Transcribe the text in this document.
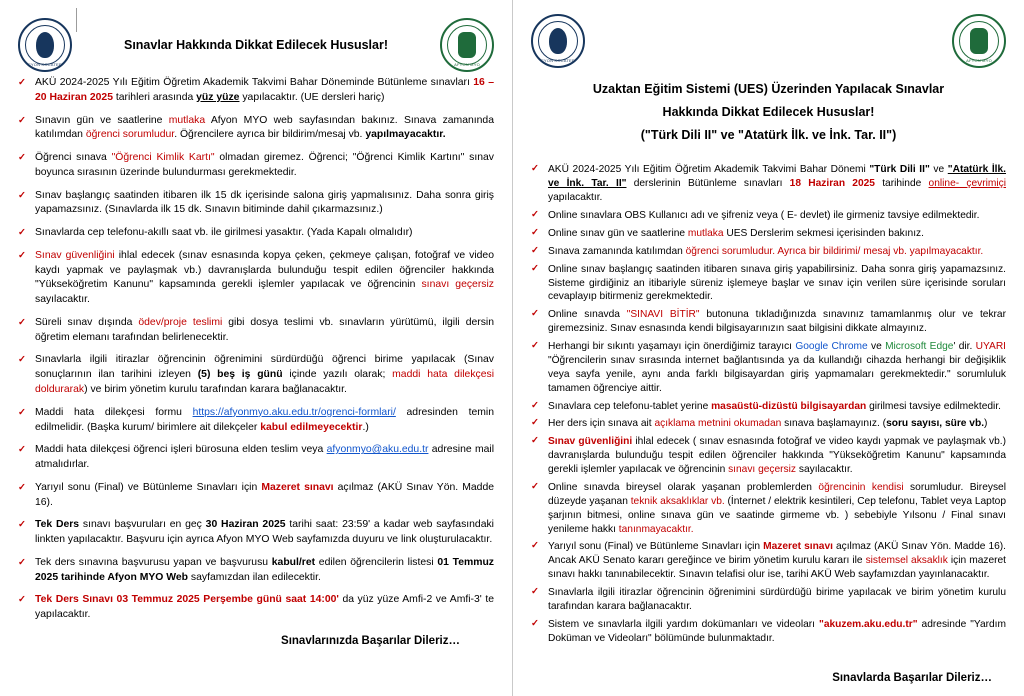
AFYON KOCATEPE
Sınavlar Hakkında Dikkat Edilecek Hususlar!
AFYON MYO
✓ AKÜ 2024-2025 Yılı Eğitim Öğretim Akademik Takvimi Bahar Döneminde Bütünleme sınavları 16 – 20 Haziran 2025 tarihleri arasında yüz yüze yapılacaktır. (UE dersleri hariç)
✓ Sınavın gün ve saatlerine mutlaka Afyon MYO web sayfasından bakınız. Sınava zamanında katılımdan öğrenci sorumludur. Öğrencilere ayrıca bir bildirim/mesaj vb. yapılmayacaktır.
✓ Öğrenci sınava "Öğrenci Kimlik Kartı" olmadan giremez. Öğrenci; "Öğrenci Kimlik Kartını" sınav boyunca sırasının üzerinde bulundurması gerekmektedir.
✓ Sınav başlangıç saatinden itibaren ilk 15 dk içerisinde salona giriş yapmalısınız. Daha sonra giriş yapamazsınız. (Sınavlarda ilk 15 dk. Sınavın bitiminde dahil çıkarmazsınız.)
✓ Sınavlarda cep telefonu-akıllı saat vb. ile girilmesi yasaktır. (Yada Kapalı olmalıdır)
✓ Sınav güvenliğini ihlal edecek (sınav esnasında kopya çeken, çekmeye çalışan, fotoğraf ve video kaydı yapmak ve paylaşmak vb.) davranışlarda bulunduğu tespit edilen öğrenciler hakkında "Yükseköğretim Kanunu" kapsamında gerekli işlemler yapılacak ve öğrencinin sınavı geçersiz sayılacaktır.
✓ Süreli sınav dışında ödev/proje teslimi gibi dosya teslimi vb. sınavların yürütümü, ilgili dersin öğretim elemanı tarafından belirlenecektir.
✓ Sınavlarla ilgili itirazlar öğrencinin öğrenimini sürdürdüğü öğrenci birime yapılacak (Sınav sonuçlarının ilan tarihini izleyen (5) beş iş günü içinde yazılı olarak; maddi hata dilekçesi doldurarak) ve birim yönetim kurulu tarafından karara bağlanacaktır.
✓ Maddi hata dilekçesi formu https://afyonmyo.aku.edu.tr/ogrenci-formlari/ adresinden temin edilmelidir. (Başka kurum/ birimlere ait dilekçeler kabul edilmeyecektir.)
✓ Maddi hata dilekçesi öğrenci işleri bürosuna elden teslim veya afyonmyo@aku.edu.tr adresine mail atmalıdırlar.
✓ Yarıyıl sonu (Final) ve Bütünleme Sınavları için Mazeret sınavı açılmaz (AKÜ Sınav Yön. Madde 16).
✓ Tek Ders sınavı başvuruları en geç 30 Haziran 2025 tarihi saat: 23:59' a kadar web sayfasındaki linkten yapılacaktır. Başvuru için ayrıca Afyon MYO Web sayfamızda duyuru ve link oluşturulacaktır.
✓ Tek ders sınavına başvurusu yapan ve başvurusu kabul/ret edilen öğrencilerin listesi 01 Temmuz 2025 tarihinde Afyon MYO Web sayfamızdan ilan edilecektir.
✓ Tek Ders Sınavı 03 Temmuz 2025 Perşembe günü saat 14:00' da yüz yüze Amfi-2 ve Amfi-3' te yapılacaktır.
Sınavlarınızda Başarılar Dileriz…
AFYON KOCATEPE	AFYON MYO
Uzaktan Eğitim Sistemi (UES) Üzerinden Yapılacak Sınavlar
Hakkında Dikkat Edilecek Hususlar!
("Türk Dili II" ve "Atatürk İlk. ve İnk. Tar. II")
✓ AKÜ 2024-2025 Yılı Eğitim Öğretim Akademik Takvimi Bahar Dönemi "Türk Dili II" ve "Atatürk İlk. ve İnk. Tar. II" derslerinin Bütünleme sınavları 18 Haziran 2025 tarihinde online- çevrimiçi yapılacaktır.
✓ Online sınavlara OBS Kullanıcı adı ve şifreniz veya ( E- devlet) ile girmeniz tavsiye edilmektedir.
✓ Online sınav gün ve saatlerine mutlaka UES Derslerim sekmesi içerisinden bakınız.
✓ Sınava zamanında katılımdan öğrenci sorumludur. Ayrıca bir bildirimi/ mesaj vb. yapılmayacaktır.
✓ Online sınav başlangıç saatinden itibaren sınava giriş yapabilirsiniz. Daha sonra giriş yapamazsınız. Sisteme girdiğiniz an itibariyle süreniz işlemeye başlar ve sınav için verilen süre içerisinde soruları cevaplayıp bitirmeniz gerekmektedir.
✓ Online sınavda "SINAVI BİTİR" butonuna tıkladığınızda sınavınız tamamlanmış olur ve tekrar giremezsiniz. Sınav esnasında kendi bilgisayarınızın saat bilgisini dikkate almayınız.
✓ Herhangi bir sıkıntı yaşamayı için önerdiğimiz tarayıcı Google Chrome ve Microsoft Edge' dir. UYARI "Öğrencilerin sınav sırasında internet bağlantısında ya da kullandığı cihazda herhangi bir değişiklik veya sayfa yenile, aynı anda farklı bilgisayardan giriş yapmamaları gerekmektedir." sorumluluk tamamen öğrenciye aittir.
✓ Sınavlara cep telefonu-tablet yerine masaüstü-dizüstü bilgisayardan girilmesi tavsiye edilmektedir.
✓ Her ders için sınava ait açıklama metnini okumadan sınava başlamayınız. (soru sayısı, süre vb.)
✓ Sınav güvenliğini ihlal edecek ( sınav esnasında fotoğraf ve video kaydı yapmak ve paylaşmak vb.) davranışlarda bulunduğu tespit edilen öğrenciler hakkında "Yükseköğretim Kanunu" kapsamında gerekli işlemler yapılacak ve öğrencinin sınavı geçersiz sayılacaktır.
✓ Online sınavda bireysel olarak yaşanan problemlerden öğrencinin kendisi sorumludur. Bireysel düzeyde yaşanan teknik aksaklıklar vb. (İnternet / elektrik kesintileri, Cep telefonu, Tablet veya Laptop şarjının bitmesi, online sınava gün ve saatinde girmeme vb. ) sebebiyle Yılsonu / Final sınavı yenileme hakkı tanınmayacaktır.
✓ Yarıyıl sonu (Final) ve Bütünleme Sınavları için Mazeret sınavı açılmaz (AKÜ Sınav Yön. Madde 16). Ancak AKÜ Senato kararı gereğince ve birim yönetim kurulu kararı ile sistemsel aksaklık için mazeret sınavı hakkı tanınabilecektir. Sınavın telafisi olur ise, tarihi AKÜ Web sayfamızdan yayınlanacaktır.
✓ Sınavlarla ilgili itirazlar öğrencinin öğrenimini sürdürdüğü birime yapılacak ve birim yönetim kurulu tarafından karara bağlanacaktır.
✓ Sistem ve sınavlarla ilgili yardım dokümanları ve videoları "akuzem.aku.edu.tr" adresinde "Yardım Doküman ve Videoları" bölümünde bulunmaktadır.
Sınavlarda Başarılar Dileriz…
